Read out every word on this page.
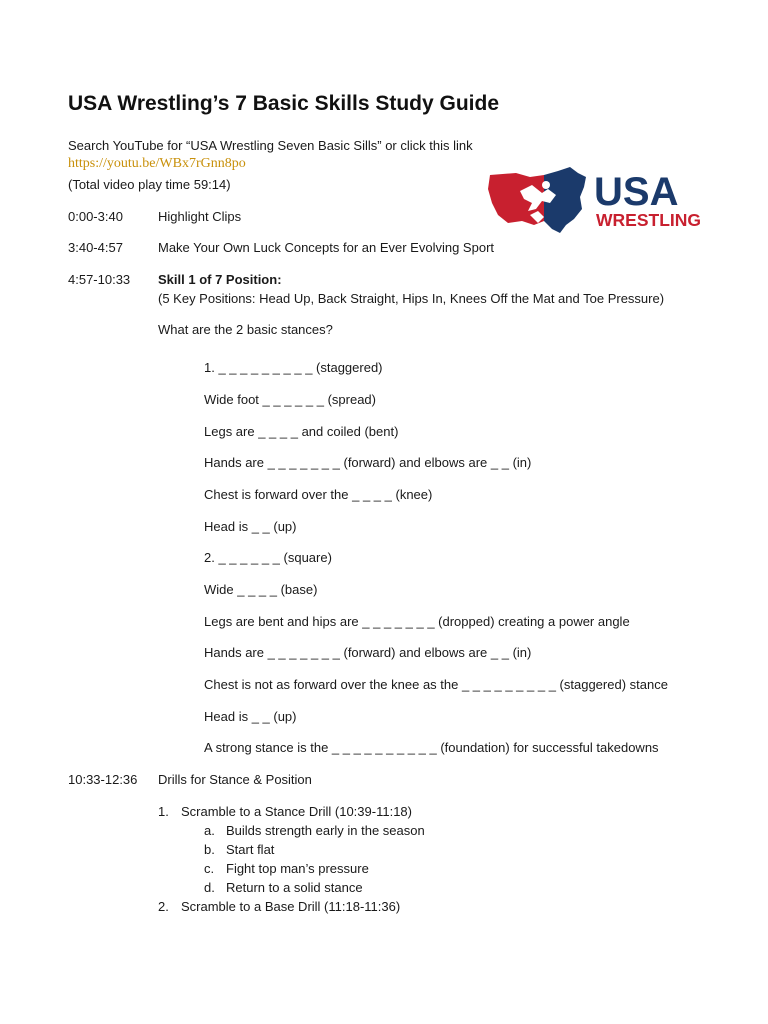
USA Wrestling’s 7 Basic Skills Study Guide
Search YouTube for “USA Wrestling Seven Basic Sills” or click this link
https://youtu.be/WBx7rGnn8po
(Total video play time 59:14)	USA
WRESTLING
0:00-3:40	Highlight Clips
3:40-4:57	Make Your Own Luck Concepts for an Ever Evolving Sport
4:57-10:33 Skill 1 of 7 Position:
(5 Key Positions: Head Up, Back Straight, Hips In, Knees Off the Mat and Toe Pressure)
What are the 2 basic stances?
1. _ _ _ _ _ _ _ _ _ (staggered)
Wide foot _ _ _ _ _ _ (spread)
Legs are _ _ _ _ and coiled (bent)
Hands are _ _ _ _ _ _ _ (forward) and elbows are _ _ (in)
Chest is forward over the _ _ _ _ (knee)
Head is _ _ (up)
2. _ _ _ _ _ _ (square)
Wide _ _ _ _ (base)
Legs are bent and hips are _ _ _ _ _ _ _ (dropped) creating a power angle
Hands are _ _ _ _ _ _ _ (forward) and elbows are _ _ (in)
Chest is not as forward over the knee as the _ _ _ _ _ _ _ _ _ (staggered) stance
Head is _ _ (up)
A strong stance is the _ _ _ _ _ _ _ _ _ _ (foundation) for successful takedowns
10:33-12:36 Drills for Stance & Position
1. Scramble to a Stance Drill (10:39-11:18)
a. Builds strength early in the season
b. Start flat
c. Fight top man’s pressure
d. Return to a solid stance
2. Scramble to a Base Drill (11:18-11:36)
